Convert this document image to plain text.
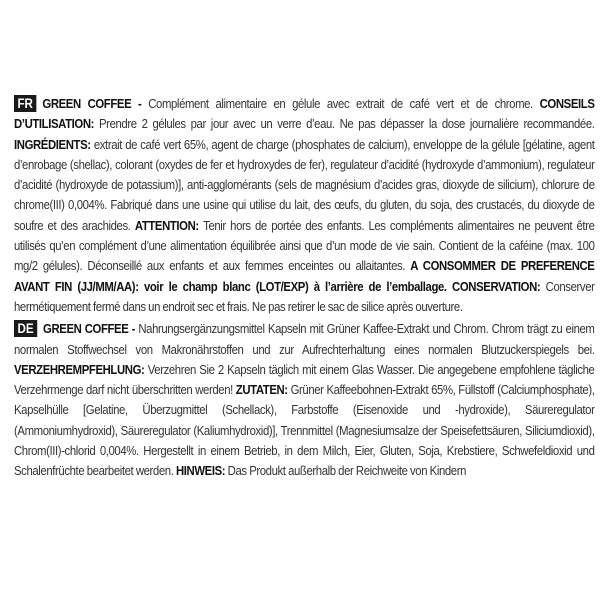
FR GREEN COFFEE - Complément alimentaire en gélule avec extrait de café vert et de chrome. CONSEILS D’UTILISATION: Prendre 2 gélules par jour avec un verre d’eau. Ne pas dépasser la dose journalière recommandée. INGRÉDIENTS: extrait de café vert 65%, agent de charge (phosphates de calcium), enveloppe de la gélule [gélatine, agent d’enrobage (shellac), colorant (oxydes de fer et hydroxydes de fer), regulateur d’acidité (hydroxyde d’ammonium), regulateur d’acidité (hydroxyde de potassium)], anti-agglomérants (sels de magnésium d’acides gras, dioxyde de silicium), chlorure de chrome(III) 0,004%. Fabriqué dans une usine qui utilise du lait, des œufs, du gluten, du soja, des crustacés, du dioxyde de soufre et des arachides. ATTENTION: Tenir hors de portée des enfants. Les compléments alimentaires ne peuvent être utilisés qu’en complément d’une alimentation équilibrée ainsi que d’un mode de vie sain. Contient de la caféine (max. 100 mg/2 gélules). Déconseillé aux enfants et aux femmes enceintes ou allaitantes. A CONSOMMER DE PREFERENCE AVANT FIN (JJ/MM/AA): voir le champ blanc (LOT/EXP) à l’arrière de l’emballage. CONSERVATION: Conserver hermétiquement fermé dans un endroit sec et frais. Ne pas retirer le sac de silice après ouverture.

DE GREEN COFFEE - Nahrungsergänzungsmittel Kapseln mit Grüner Kaffee-Extrakt und Chrom. Chrom trägt zu einem normalen Stoffwechsel von Makronährstoffen und zur Aufrechterhaltung eines normalen Blutzuckerspiegels bei. VERZEHREMPFEHLUNG: Verzehren Sie 2 Kapseln täglich mit einem Glas Wasser. Die angegebene empfohlene tägliche Verzehrmenge darf nicht überschritten werden! ZUTATEN: Grüner Kaffeebohnen-Extrakt 65%, Füllstoff (Calciumphosphate), Kapselhülle [Gelatine, Überzugmittel (Schellack), Farbstoffe (Eisenoxide und -hydroxide), Säureregulator (Ammoniumhydroxid), Säureregulator (Kaliumhydroxid)], Trennmittel (Magnesiumsalze der Speisefettsäuren, Siliciumdioxid), Chrom(III)-chlorid 0,004%. Hergestellt in einem Betrieb, in dem Milch, Eier, Gluten, Soja, Krebstiere, Schwefeldioxid und Schalenfrüchte bearbeitet werden. HINWEIS: Das Produkt außerhalb der Reichweite von Kindern
